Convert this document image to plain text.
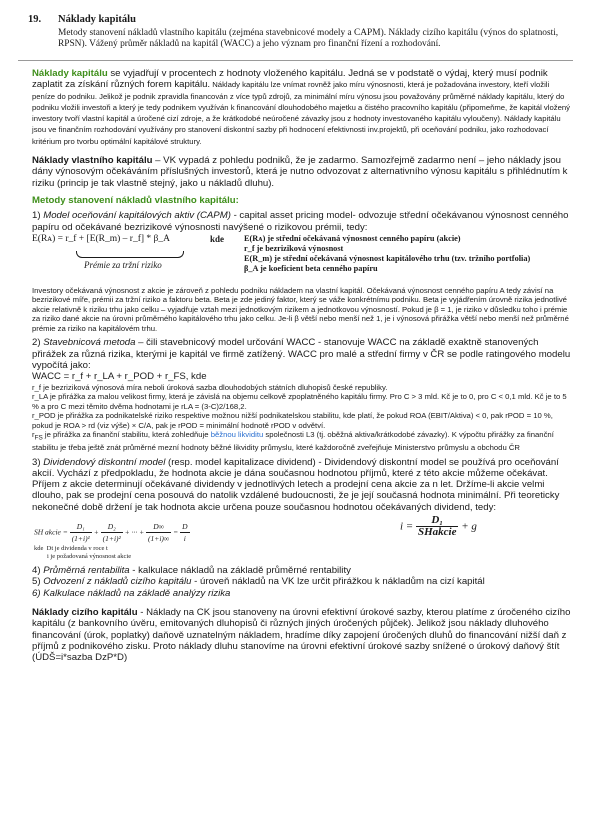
19. Náklady kapitálu
Metody stanovení nákladů vlastního kapitálu (zejména stavebnicové modely a CAPM). Náklady cizího kapitálu (výnos do splatnosti, RPSN). Vážený průměr nákladů na kapitál (WACC) a jeho význam pro finanční řízení a rozhodování.

Náklady kapitálu se vyjadřují v procentech z hodnoty vloženého kapitálu. Jedná se v podstatě o výdaj, který musí podnik zaplatit za získání různých forem kapitálu. Náklady kapitálu lze vnímat rovněž jako míru výnosnosti, která je požadována investory, kteří vložili peníze do podniku. Jelikož je podnik zpravidla financován z více typů zdrojů, za minimální míru výnosu jsou považovány průměrné náklady kapitálu, který do podniku vložili investoři a který je tedy podnikem využíván k financování dlouhodobého majetku a čistého pracovního kapitálu (připomeňme, že kapitál vložený investory tvoří vlastní kapitál a úročené cizí zdroje, a že krátkodobé neúročené závazky jsou z hodnoty investovaného kapitálu vyloučeny). Náklady kapitálu jsou ve finančním rozhodování využívány pro stanovení diskontní sazby při hodnocení efektivnosti inv.projektů, při oceňování podniku, jako rozhodovací kritérium pro tvorbu optimální kapitálové struktury.

Náklady vlastního kapitálu – VK vypadá z pohledu podniků, že je zadarmo. Samozřejmě zadarmo není – jeho náklady jsou dány výnosovým očekáváním příslušných investorů, která je nutno odvozovat z alternativního výnosu kapitálu s přihlédnutím k riziku (princip je tak vlastně stejný, jako u nákladů dluhu).

Metody stanovení nákladů vlastního kapitálu:

1) Model oceňování kapitálových aktiv (CAPM) - capital asset pricing model- odvozuje střední očekávanou výnosnost cenného papíru od očekávané bezrizikové výnosnosti navýšené o rizikovou prémii, tedy:

E(Rᴀ) = r_f + [E(R_m) – r_f] * β_A
Prémie za tržní riziko
kde E(Rᴀ) je střední očekávaná výnosnost cenného papíru (akcie)
r_f je bezriziková výnosnost
E(R_m) je střední očekávaná výnosnost kapitálového trhu (tzv. tržního portfolia)
β_A je koeficient beta cenného papíru

Investory očekávaná výnosnost z akcie je zároveň z pohledu podniku nákladem na vlastní kapitál. Očekávaná výnosnost cenného papíru A tedy závisí na bezrizikové míře, prémii za tržní riziko a faktoru beta. Beta je zde jediný faktor, který se váže konkrétnímu podniku. Beta je vyjádřením úrovně rizika jednotlivé akcie relativně k riziku trhu jako celku – vyjadřuje vztah mezi jednotkovým rizikem a jednotkovou výnosností. Pokud je β = 1, je riziko v důsledku toho i prémie za riziko dané akcie na úrovni průměrného kapitálového trhu jako celku. Je-li β větší nebo menší než 1, je i výnosová přirážka větší nebo menší než průměrné prémie za riziko na kapitálovém trhu.

2) Stavebnicová metoda – čili stavebnicový model určování WACC - stanovuje WACC na základě exaktně stanovených přirážek za různá rizika, kterými je kapitál ve firmě zatížený. WACC pro malé a střední firmy v ČR se podle ratingového modelu vypočítá jako:

WACC = r_f + r_LA + r_POD + r_FS, kde

r_f je bezriziková výnosová míra neboli úroková sazba dlouhodobých státních dluhopisů české republiky.

r_LA je přirážka za malou velikost firmy, která je závislá na objemu celkově zpoplatněného kapitálu firmy. Pro C > 3 mld. Kč je to 0, pro C < 0,1 mld. Kč je to 5 % a pro C mezi těmito dvěma hodnotami je rLA = (3-C)2/168,2.

r_POD je přirážka za podnikatelské riziko respektive možnou nižší podnikatelskou stabilitu, kde platí, že pokud ROA (EBIT/Aktiva) < 0, pak rPOD = 10 %, pokud je ROA > rd (viz výše) × C/A, pak je rPOD = minimální hodnotě rPOD v odvětví.

$r_{FS}$ je přirážka za finanční stabilitu, která zohledňuje běžnou likviditu společnosti L3 (tj. oběžná aktiva/krátkodobé závazky). K výpočtu přirážky za finanční stabilitu je třeba ještě znát průměrné mezní hodnoty běžné likvidity průmyslu, které každoročně zveřejňuje Ministerstvo průmyslu a obchodu ČR

3) Dividendový diskontní model (resp. model kapitalizace dividend) - Dividendový diskontní model se používá pro oceňování akcií. Vychází z předpokladu, že hodnota akcie je dána současnou hodnotou příjmů, které z této akcie můžeme očekávat. Příjem z akcie determinují očekávané dividendy v jednotlivých letech a prodejní cena akcie za n let. Držíme-li akcie velmi dlouho, pak se prodejní cena posouvá do natolik vzdálené budoucnosti, že je její současná hodnota minimální. Při teoreticky nekonečné době držení je tak hodnota akcie určena pouze současnou hodnotou očekávaných dividend, tedy:

SH akcie = $\frac{\text{D₁}}{\text{(1+i)¹}} + \frac{\text{D₂}}{\text{(1+i)²}}$ + ··· + $\frac{D\infty}{(1+i)\infty} = \frac{D}{i}$
kde  Dt je dividenda v roce t
i je požadovaná výnosnost akcie
$i = \frac{\text{D₁}}{\text{SHakcie}} + g$

4) Průměrná rentabilita - kalkulace nákladů na základě průměrné rentability

5) Odvození z nákladů cizího kapitálu - úroveň nákladů na VK lze určit přirážkou k nákladům na cizí kapitál

6) Kalkulace nákladů na základě analýzy rizika

Náklady cizího kapitálu - Náklady na CK jsou stanoveny na úrovni efektivní úrokové sazby, kterou platíme z úročeného cizího kapitálu (z bankovního úvěru, emitovaných dluhopisů či různých jiných úročených půjček). Jelikož jsou náklady dluhového financování (úrok, poplatky) daňově uznatelným nákladem, hradíme díky zapojení úročených dluhů do financování nižší daň z příjmů z podnikového zisku. Proto náklady dluhu stanovíme na úrovni efektivní úrokové sazby snížené o úrokový daňový štít (ÚDŠ=i*sazba DzP*D)
